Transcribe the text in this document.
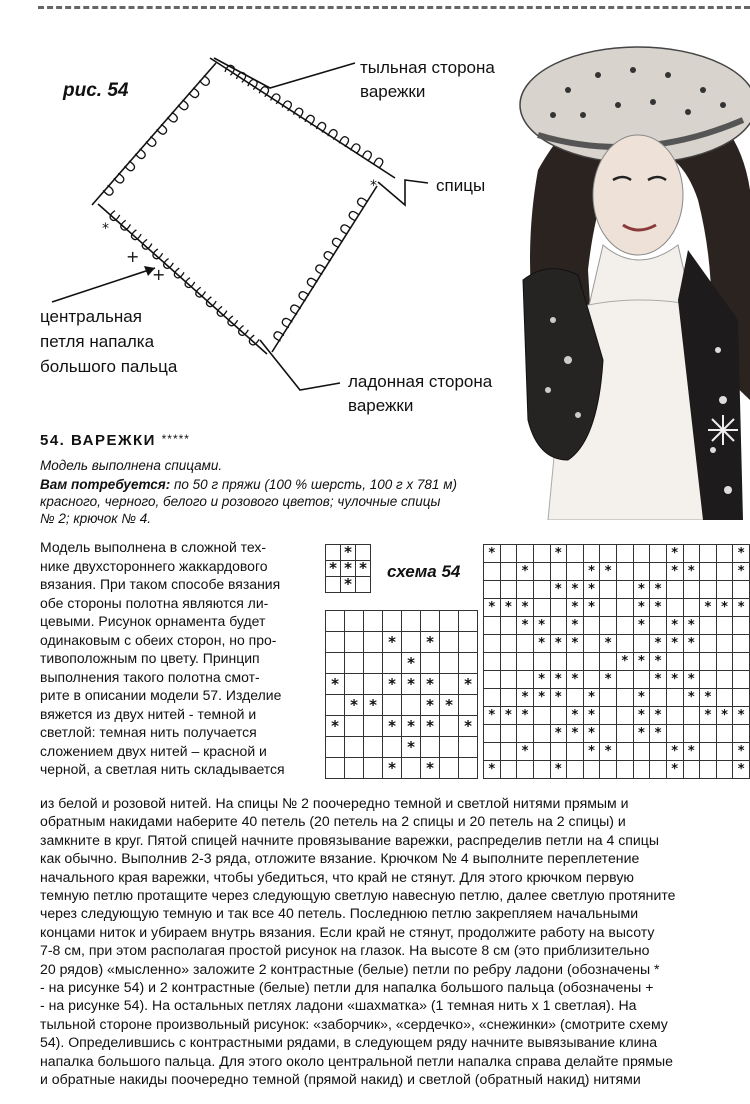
*
*
+
+
рис. 54
тыльная сторона
варежки
спицы
центральная
петля напалка
большого пальца
ладонная сторона
варежки
54. ВАРЕЖКИ *****
Модель выполнена спицами.
Вам потребуется: по 50 г пряжи (100 % шерсть, 100 г х 781 м)
красного, черного, белого и розового цветов; чулочные спицы
№ 2; крючок № 4.

Модель выполнена в сложной тех-

нике двухстороннего жаккардового

вязания. При таком способе вязания

обе стороны полотна являются ли-

цевыми. Рисунок орнамента будет

одинаковым с обеих сторон, но про-

тивоположным по цвету. Принцип

выполнения такого полотна смот-

рите в описании модели 57. Изделие

вяжется из двух нитей - темной и

светлой: темная нить получается

сложением двух нитей – красной и

черной, а светлая нить складывается

	*	
*	*	*
	*	
схема 54

			*		*		
				*			
*			*	*	*		*
	*	*			*	*	
*			*	*	*		*
				*			
			*		*		
*				*							*				*
		*				*	*				*	*			*
				*	*	*			*	*					
*	*	*			*	*			*	*			*	*	*
		*	*		*				*		*	*			
			*	*	*		*			*	*	*			
								*	*	*					
			*	*	*		*			*	*	*			
		*	*	*		*			*			*	*		
*	*	*			*	*			*	*			*	*	*
				*	*	*			*	*					
		*				*	*				*	*			*
*				*							*				*

из белой и розовой нитей. На спицы № 2 поочередно темной и светлой нитями прямым и

обратным накидами наберите 40 петель (20 петель на 2 спицы и 20 петель на 2 спицы) и

замкните в круг. Пятой спицей начните провязывание варежки, распределив петли на 4 спицы

как обычно. Выполнив 2-3 ряда, отложите вязание. Крючком № 4 выполните переплетение

начального края варежки, чтобы убедиться, что край не стянут. Для этого крючком первую

темную петлю протащите через следующую светлую навесную петлю, далее светлую протяните

через следующую темную и так все 40 петель. Последнюю петлю закрепляем начальными

концами ниток и убираем внутрь вязания. Если край не стянут, продолжите работу на высоту

7-8 см, при этом располагая простой рисунок на глазок. На высоте 8 см (это приблизительно

20 рядов) «мысленно» заложите 2 контрастные (белые) петли по ребру ладони (обозначены *

- на рисунке 54) и 2 контрастные (белые) петли для напалка большого пальца (обозначены +

- на рисунке 54). На остальных петлях ладони «шахматка» (1 темная нить х 1 светлая). На

тыльной стороне произвольный рисунок: «заборчик», «сердечко», «снежинки» (смотрите схему

54). Определившись с контрастными рядами, в следующем ряду начните вывязывание клина

напалка большого пальца. Для этого около центральной петли напалка справа делайте прямые

и обратные накиды поочередно темной (прямой накид) и светлой (обратный накид) нитями
